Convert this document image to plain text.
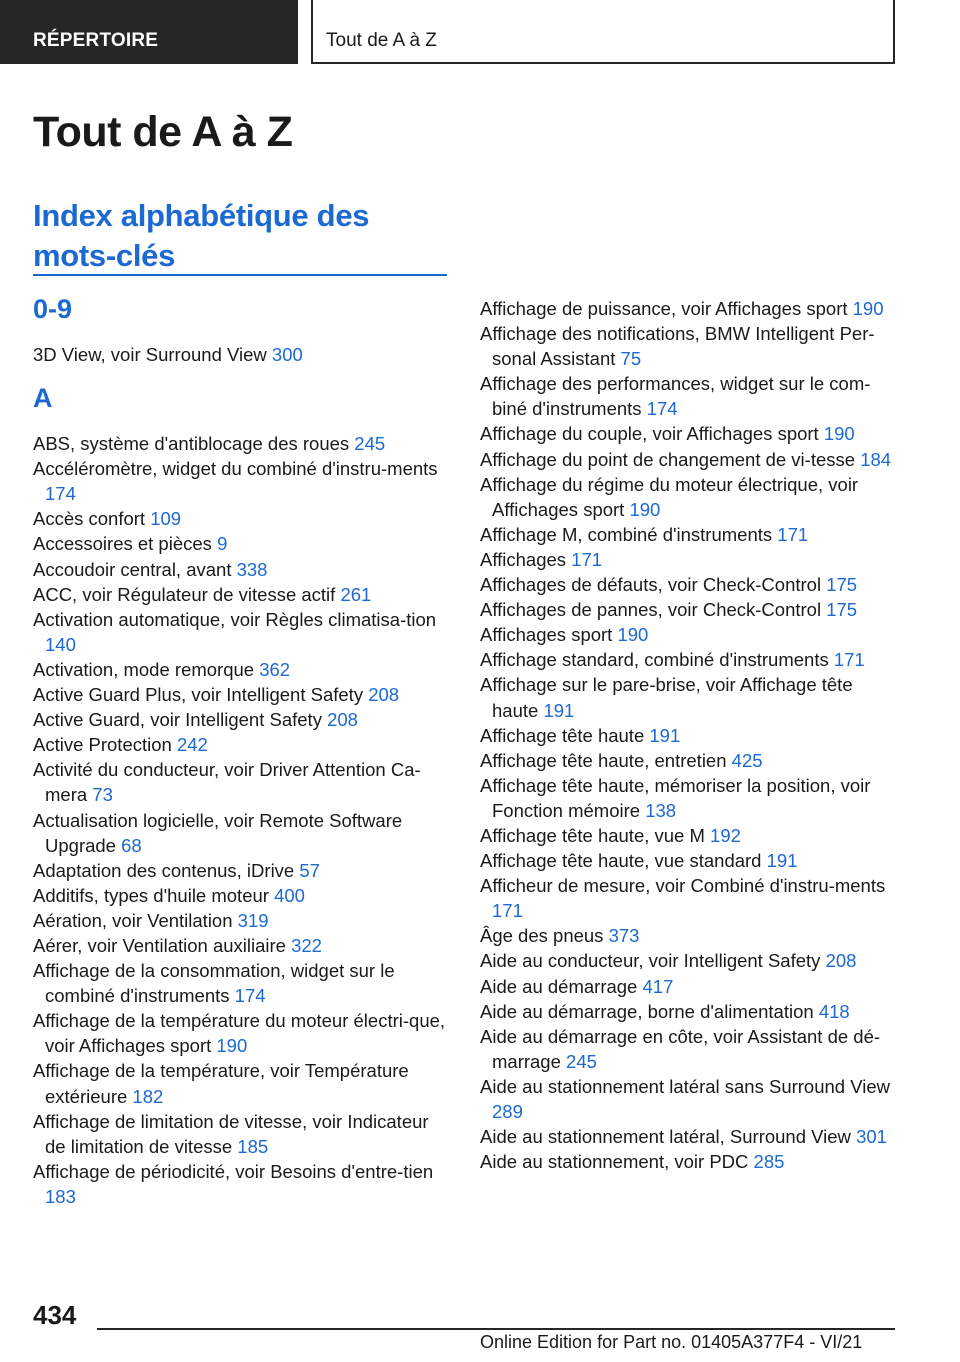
RÉPERTOIRE	Tout de A à Z
Tout de A à Z
Index alphabétique des mots-clés
0-9
3D View, voir Surround View 300
A
ABS, système d'antiblocage des roues 245
Accéléromètre, widget du combiné d'instru-ments 174
Accès confort 109
Accessoires et pièces 9
Accoudoir central, avant 338
ACC, voir Régulateur de vitesse actif 261
Activation automatique, voir Règles climatisa-tion 140
Activation, mode remorque 362
Active Guard Plus, voir Intelligent Safety 208
Active Guard, voir Intelligent Safety 208
Active Protection 242
Activité du conducteur, voir Driver Attention Ca-mera 73
Actualisation logicielle, voir Remote Software Upgrade 68
Adaptation des contenus, iDrive 57
Additifs, types d'huile moteur 400
Aération, voir Ventilation 319
Aérer, voir Ventilation auxiliaire 322
Affichage de la consommation, widget sur le combiné d'instruments 174
Affichage de la température du moteur électri-que, voir Affichages sport 190
Affichage de la température, voir Température extérieure 182
Affichage de limitation de vitesse, voir Indicateur de limitation de vitesse 185
Affichage de périodicité, voir Besoins d'entre-tien 183
Affichage de puissance, voir Affichages sport 190
Affichage des notifications, BMW Intelligent Per-sonal Assistant 75
Affichage des performances, widget sur le com-biné d'instruments 174
Affichage du couple, voir Affichages sport 190
Affichage du point de changement de vi-tesse 184
Affichage du régime du moteur électrique, voir Affichages sport 190
Affichage M, combiné d'instruments 171
Affichages 171
Affichages de défauts, voir Check-Control 175
Affichages de pannes, voir Check-Control 175
Affichages sport 190
Affichage standard, combiné d'instruments 171
Affichage sur le pare-brise, voir Affichage tête haute 191
Affichage tête haute 191
Affichage tête haute, entretien 425
Affichage tête haute, mémoriser la position, voir Fonction mémoire 138
Affichage tête haute, vue M 192
Affichage tête haute, vue standard 191
Afficheur de mesure, voir Combiné d'instru-ments 171
Âge des pneus 373
Aide au conducteur, voir Intelligent Safety 208
Aide au démarrage 417
Aide au démarrage, borne d'alimentation 418
Aide au démarrage en côte, voir Assistant de dé-marrage 245
Aide au stationnement latéral sans Surround View 289
Aide au stationnement latéral, Surround View 301
Aide au stationnement, voir PDC 285
434
Online Edition for Part no. 01405A377F4 - VI/21
